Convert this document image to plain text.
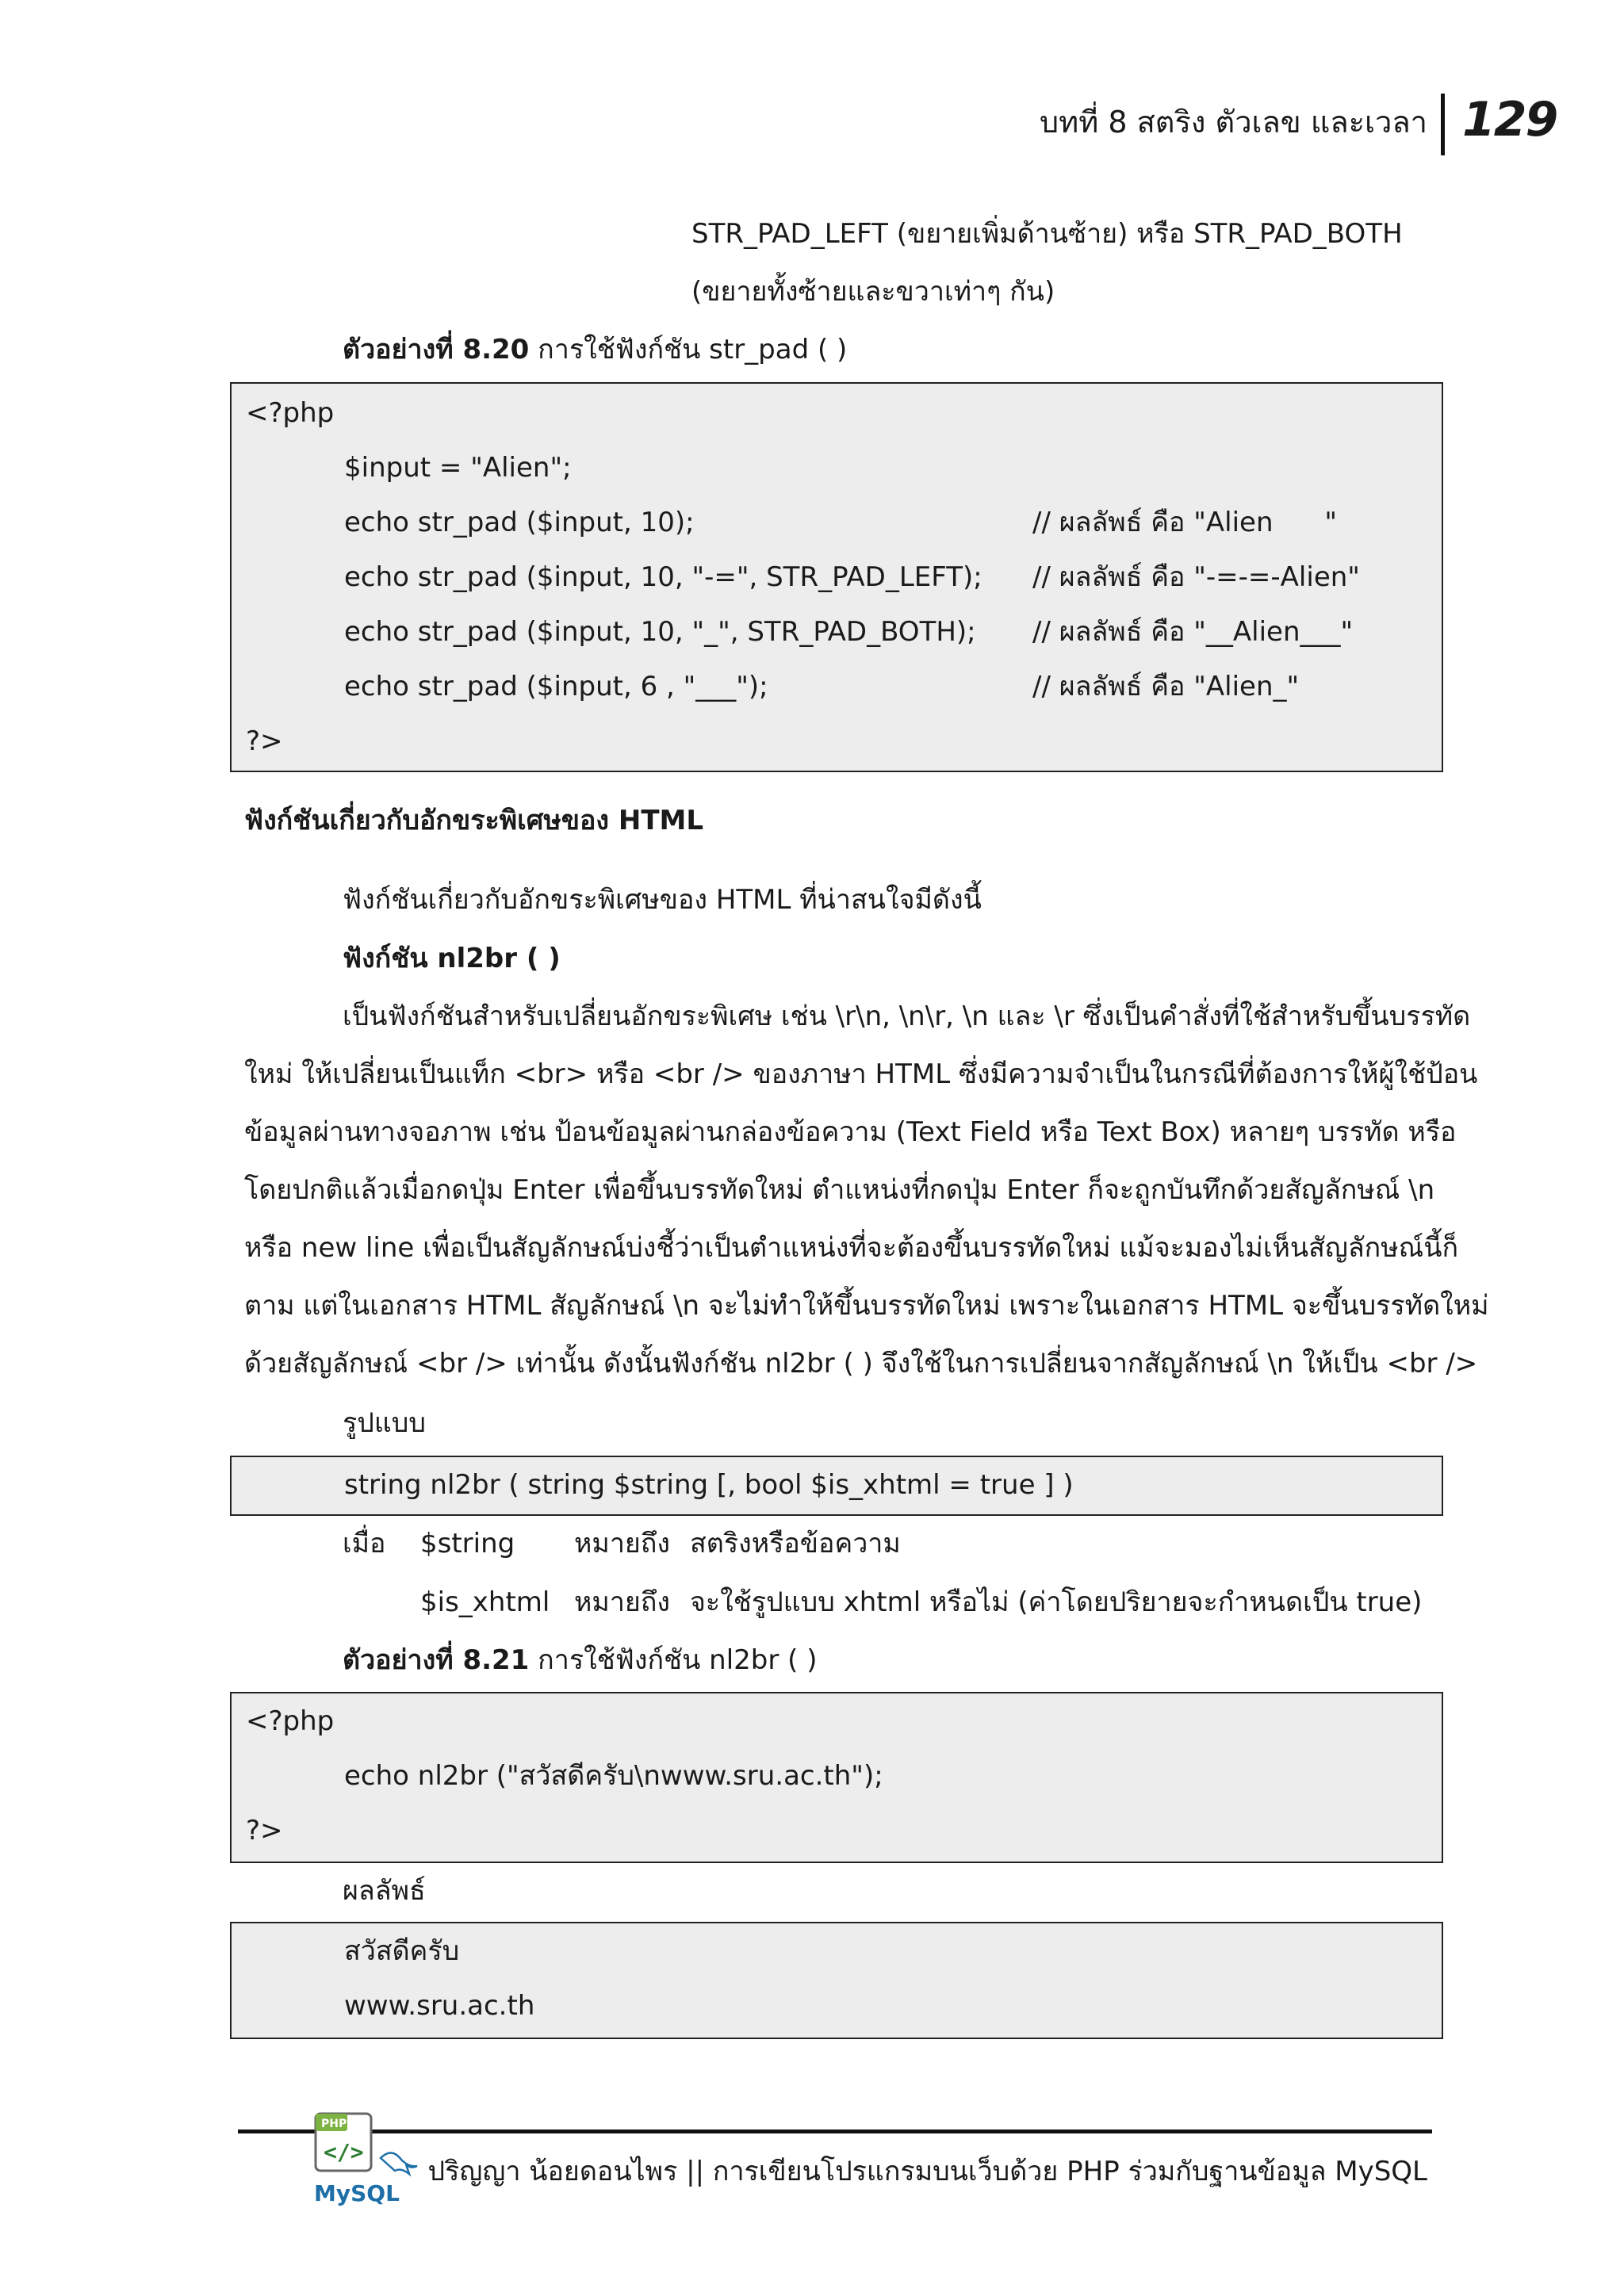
บทที่ 8 สตริง ตัวเลข และเวลา 129
STR_PAD_LEFT (ขยายเพิ่มด้านซ้าย) หรือ STR_PAD_BOTH
(ขยายทั้งซ้ายและขวาเท่าๆ กัน)
ตัวอย่างที่ 8.20 การใช้ฟังก์ชัน str_pad ( )
<?php
$input = "Alien";
echo str_pad ($input, 10);	// ผลลัพธ์ คือ "Alien      "
echo str_pad ($input, 10, "-=", STR_PAD_LEFT); // ผลลัพธ์ คือ "-=-=-Alien"
echo str_pad ($input, 10, "_", STR_PAD_BOTH); // ผลลัพธ์ คือ "__Alien___"
echo str_pad ($input, 6 , "___");	// ผลลัพธ์ คือ "Alien_"
?>
ฟังก์ชันเกี่ยวกับอักขระพิเศษของ HTML
ฟังก์ชันเกี่ยวกับอักขระพิเศษของ HTML ที่น่าสนใจมีดังนี้
ฟังก์ชัน nl2br ( )
เป็นฟังก์ชันสำหรับเปลี่ยนอักขระพิเศษ เช่น \r\n, \n\r, \n และ \r ซึ่งเป็นคำสั่งที่ใช้สำหรับขึ้นบรรทัด
ใหม่ ให้เปลี่ยนเป็นแท็ก <br> หรือ <br /> ของภาษา HTML ซึ่งมีความจำเป็นในกรณีที่ต้องการให้ผู้ใช้ป้อน
ข้อมูลผ่านทางจอภาพ เช่น ป้อนข้อมูลผ่านกล่องข้อความ (Text Field หรือ Text Box) หลายๆ บรรทัด หรือ
โดยปกติแล้วเมื่อกดปุ่ม Enter เพื่อขึ้นบรรทัดใหม่ ตำแหน่งที่กดปุ่ม Enter ก็จะถูกบันทึกด้วยสัญลักษณ์ \n
หรือ new line เพื่อเป็นสัญลักษณ์บ่งชี้ว่าเป็นตำแหน่งที่จะต้องขึ้นบรรทัดใหม่ แม้จะมองไม่เห็นสัญลักษณ์นี้ก็
ตาม แต่ในเอกสาร HTML สัญลักษณ์ \n จะไม่ทำให้ขึ้นบรรทัดใหม่ เพราะในเอกสาร HTML จะขึ้นบรรทัดใหม่
ด้วยสัญลักษณ์ <br /> เท่านั้น ดังนั้นฟังก์ชัน nl2br ( ) จึงใช้ในการเปลี่ยนจากสัญลักษณ์ \n ให้เป็น <br />
รูปแบบ
string nl2br ( string $string [, bool $is_xhtml = true ] )
เมื่อ $string หมายถึง สตริงหรือข้อความ
$is_xhtml หมายถึง จะใช้รูปแบบ xhtml หรือไม่ (ค่าโดยปริยายจะกำหนดเป็น true)
ตัวอย่างที่ 8.21 การใช้ฟังก์ชัน nl2br ( )
<?php
echo nl2br ("สวัสดีครับ\nwww.sru.ac.th");
?>
ผลลัพธ์
สวัสดีครับ
www.sru.ac.th
PHP
</>
MySQL
ปริญญา น้อยดอนไพร || การเขียนโปรแกรมบนเว็บด้วย PHP ร่วมกับฐานข้อมูล MySQL
